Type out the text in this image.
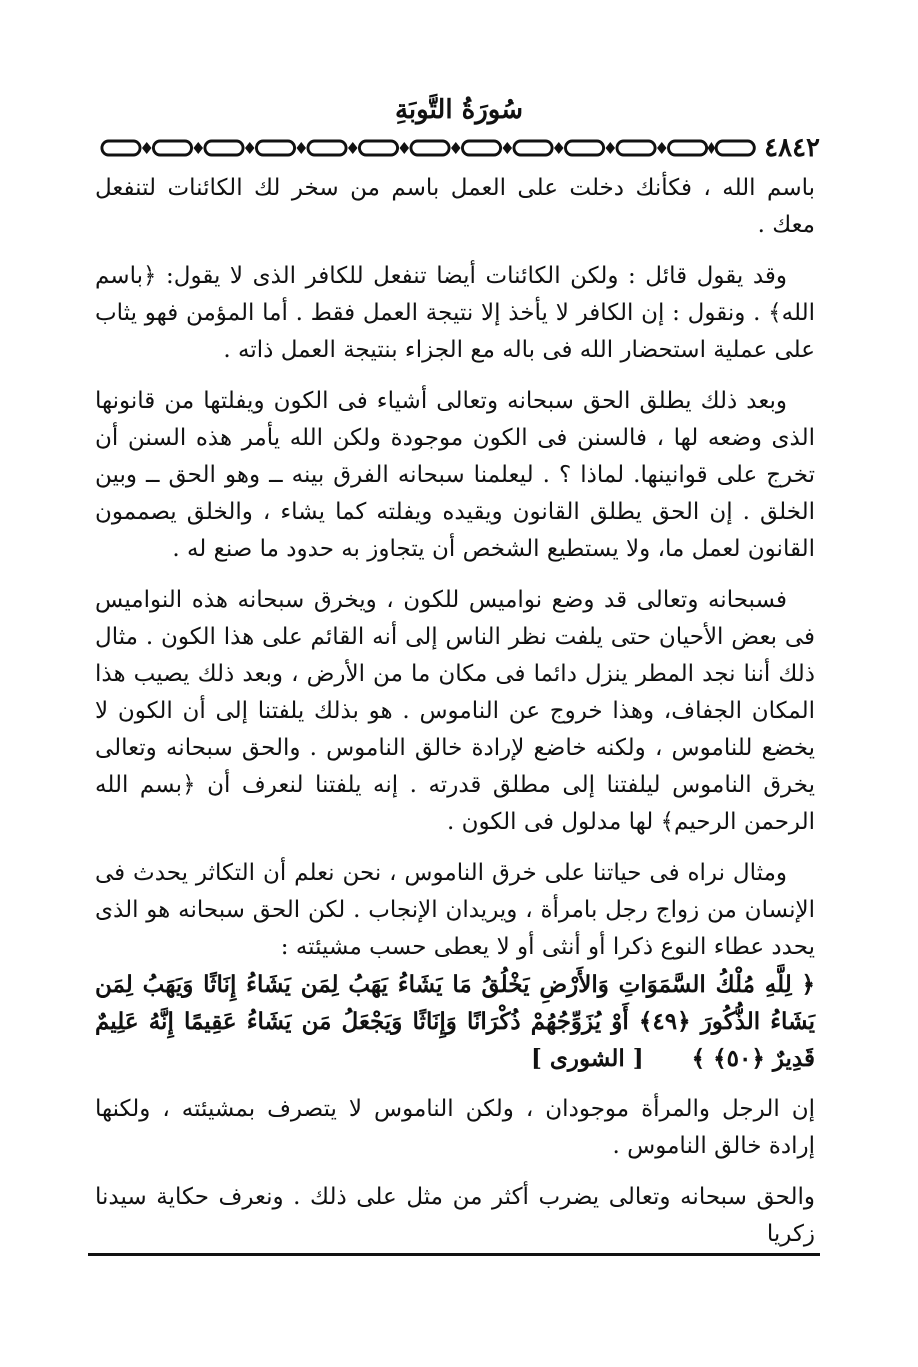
سُورَةُ التَّوبَةِ
٤٨٤٢

باسم الله ، فكأنك دخلت على العمل باسم من سخر لك الكائنات لتنفعل معك .

وقد يقول قائل : ولكن الكائنات أيضا تنفعل للكافر الذى لا يقول: ﴿باسم الله﴾ . ونقول : إن الكافر لا يأخذ إلا نتيجة العمل فقط . أما المؤمن فهو يثاب على عملية استحضار الله فى باله مع الجزاء بنتيجة العمل ذاته .

وبعد ذلك يطلق الحق سبحانه وتعالى أشياء فى الكون ويفلتها من قانونها الذى وضعه لها ، فالسنن فى الكون موجودة ولكن الله يأمر هذه السنن أن تخرج على قوانينها. لماذا ؟ . ليعلمنا سبحانه الفرق بينه ــ وهو الحق ــ وبين الخلق . إن الحق يطلق القانون ويقيده ويفلته كما يشاء ، والخلق يصممون القانون لعمل ما، ولا يستطيع الشخص أن يتجاوز به حدود ما صنع له .

فسبحانه وتعالى قد وضع نواميس للكون ، ويخرق سبحانه هذه النواميس فى بعض الأحيان حتى يلفت نظر الناس إلى أنه القائم على هذا الكون . مثال ذلك أننا نجد المطر ينزل دائما فى مكان ما من الأرض ، وبعد ذلك يصيب هذا المكان الجفاف، وهذا خروج عن الناموس . هو بذلك يلفتنا إلى أن الكون لا يخضع للناموس ، ولكنه خاضع لإرادة خالق الناموس . والحق سبحانه وتعالى يخرق الناموس ليلفتنا إلى مطلق قدرته . إنه يلفتنا لنعرف أن ﴿بسم الله الرحمن الرحيم﴾ لها مدلول فى الكون .

ومثال نراه فى حياتنا على خرق الناموس ، نحن نعلم أن التكاثر يحدث فى الإنسان من زواج رجل بامرأة ، ويريدان الإنجاب . لكن الحق سبحانه هو الذى يحدد عطاء النوع ذكرا أو أنثى أو لا يعطى حسب مشيئته :

﴿ لِلَّهِ مُلْكُ السَّمَوَاتِ وَالأَرْضِ يَخْلُقُ مَا يَشَاءُ يَهَبُ لِمَن يَشَاءُ إِنَاثًا وَيَهَبُ لِمَن يَشَاءُ الذُّكُورَ ﴿٤٩﴾ أَوْ يُزَوِّجُهُمْ ذُكْرَانًا وَإِنَاثًا وَيَجْعَلُ مَن يَشَاءُ عَقِيمًا إِنَّهُ عَلِيمٌ قَدِيرٌ ﴿٥٠﴾ ﴾ [ الشورى ]

إن الرجل والمرأة موجودان ، ولكن الناموس لا يتصرف بمشيئته ، ولكنها إرادة خالق الناموس .

والحق سبحانه وتعالى يضرب أكثر من مثل على ذلك . ونعرف حكاية سيدنا زكريا
